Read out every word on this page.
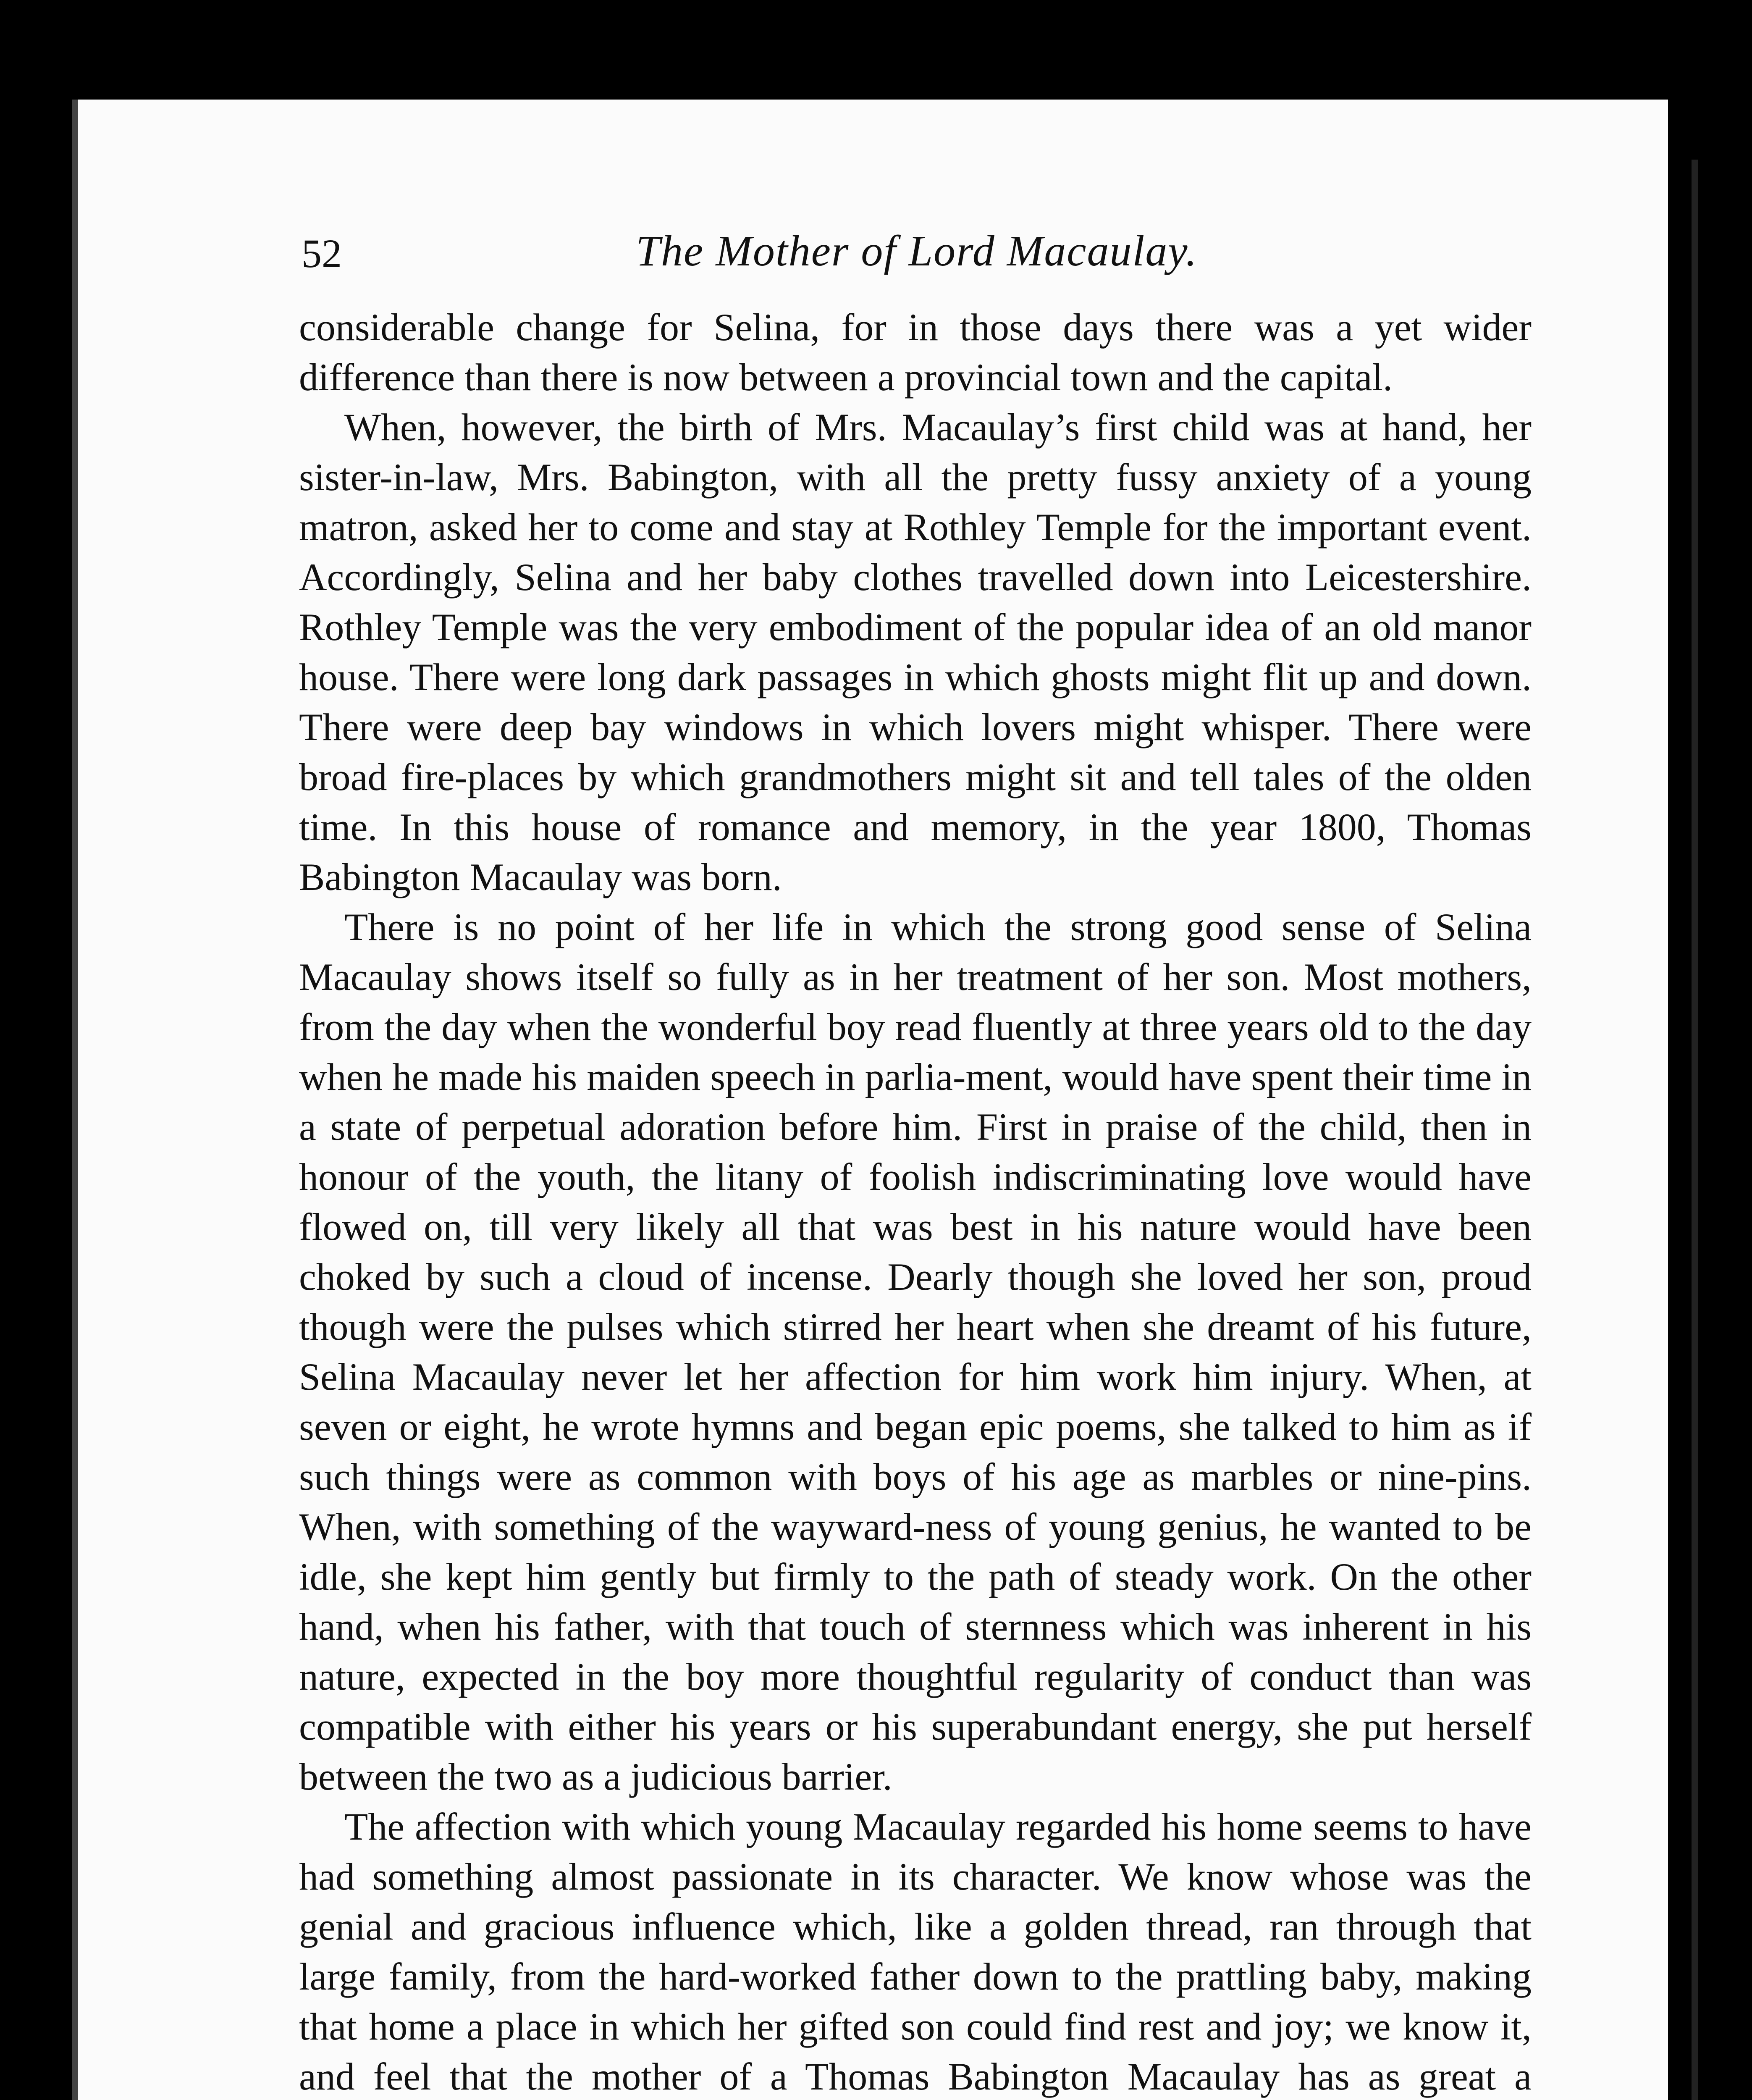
52	The Mother of Lord Macaulay.

considerable change for Selina, for in those days there was a yet wider difference than there is now between a provincial town and the capital.

When, however, the birth of Mrs. Macaulay’s first child was at hand, her sister-in-law, Mrs. Babington, with all the pretty fussy anxiety of a young matron, asked her to come and stay at Rothley Temple for the important event. Accordingly, Selina and her baby clothes travelled down into Leicestershire. Rothley Temple was the very embodiment of the popular idea of an old manor house. There were long dark passages in which ghosts might flit up and down. There were deep bay windows in which lovers might whisper. There were broad fire-places by which grandmothers might sit and tell tales of the olden time. In this house of romance and memory, in the year 1800, Thomas Babington Macaulay was born.

There is no point of her life in which the strong good sense of Selina Macaulay shows itself so fully as in her treatment of her son. Most mothers, from the day when the wonderful boy read fluently at three years old to the day when he made his maiden speech in parlia-ment, would have spent their time in a state of perpetual adoration before him. First in praise of the child, then in honour of the youth, the litany of foolish indiscriminating love would have flowed on, till very likely all that was best in his nature would have been choked by such a cloud of incense. Dearly though she loved her son, proud though were the pulses which stirred her heart when she dreamt of his future, Selina Macaulay never let her affection for him work him injury. When, at seven or eight, he wrote hymns and began epic poems, she talked to him as if such things were as common with boys of his age as marbles or nine-pins. When, with something of the wayward-ness of young genius, he wanted to be idle, she kept him gently but firmly to the path of steady work. On the other hand, when his father, with that touch of sternness which was inherent in his nature, expected in the boy more thoughtful regularity of conduct than was compatible with either his years or his superabundant energy, she put herself between the two as a judicious barrier.

The affection with which young Macaulay regarded his home seems to have had something almost passionate in its character. We know whose was the genial and gracious influence which, like a golden thread, ran through that large family, from the hard-worked father down to the prattling baby, making that home a place in which her gifted son could find rest and joy; we know it, and feel that the mother of a Thomas Babington Macaulay has as great a
